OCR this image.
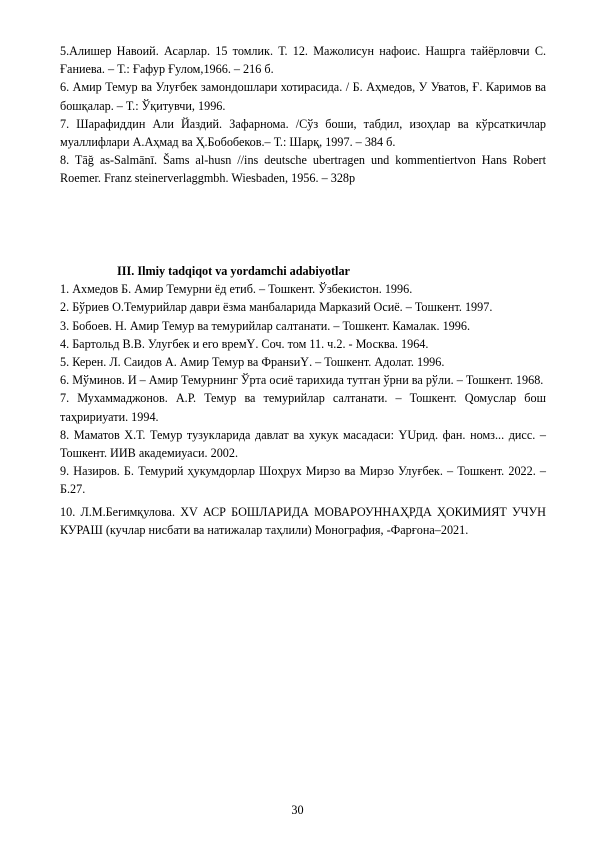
5.Алишер Навоий. Асарлар. 15 томлик. Т. 12. Мажолисун нафоис. Нашрга тайёрловчи С. Ғаниева. – Т.: Ғафур Ғулом,1966. – 216 б.

6. Амир Темур ва Улуғбек замондошлари хотирасида. / Б. Аҳмедов, У Уватов, Ғ. Каримов ва бошқалар. – Т.: Ўқитувчи, 1996.

7. Шарафиддин Али Йаздий. Зафарнома. /Сўз боши, табдил, изоҳлар ва кўрсаткичлар муаллифлари А.Аҳмад ва Ҳ.Бобобеков.– Т.: Шарқ, 1997. – 384 б.

8. Tāğ as-Salmānī. Šams al-husn //ins deutsche ubertragen und kommentiertvon Hans Robert Roemer. Franz steinerverlaggmbh. Wiesbaden, 1956. – 328p

III. Ilmiy tadqiqot va yordamchi adabiyotlar

1. Ахмедов Б. Амир Темурни ёд етиб. – Тошкент. Ўзбекистон. 1996.

2. Бўриев О.Темурийлар даври ёзма манбаларида Марказий Осиё. – Тошкент. 1997.

3. Бобоев. Н. Амир Темур ва темурийлар салтанати. – Тошкент. Камалак. 1996.

4. Бартольд В.В. Улугбек и его времҮ. Соч. том 11. ч.2. - Москва. 1964.

5. Керен. Л. Саидов А. Амир Темур ва ФранsиҮ. – Тошкент. Адолат. 1996.

6. Мўминов. И – Амир Темурнинг Ўрта осиё тарихида тутган ўрни ва рўли. – Тошкент. 1968.

7. Мухаммаджонов. А.Р. Темур ва темурийлар салтанати. – Тошкент. Qомуслар бош таҳририуати. 1994.

8. Маматов Х.Т. Темур тузукларида давлат ва хукук масадаси: ҮUрид. фан. номз... дисс. – Тошкент. ИИВ академиуаси. 2002.

9. Назиров. Б. Темурий ҳукумдорлар Шоҳрух Мирзо ва Мирзо Улуғбек. – Тошкент. 2022. – Б.27.

10. Л.М.Бегимқулова. XV АСР БОШЛАРИДА МОВАРОУННАҲРДА ҲОКИМИЯТ УЧУН КУРАШ (кучлар нисбати ва натижалар таҳлили) Монография, -Фарғона–2021.

30
